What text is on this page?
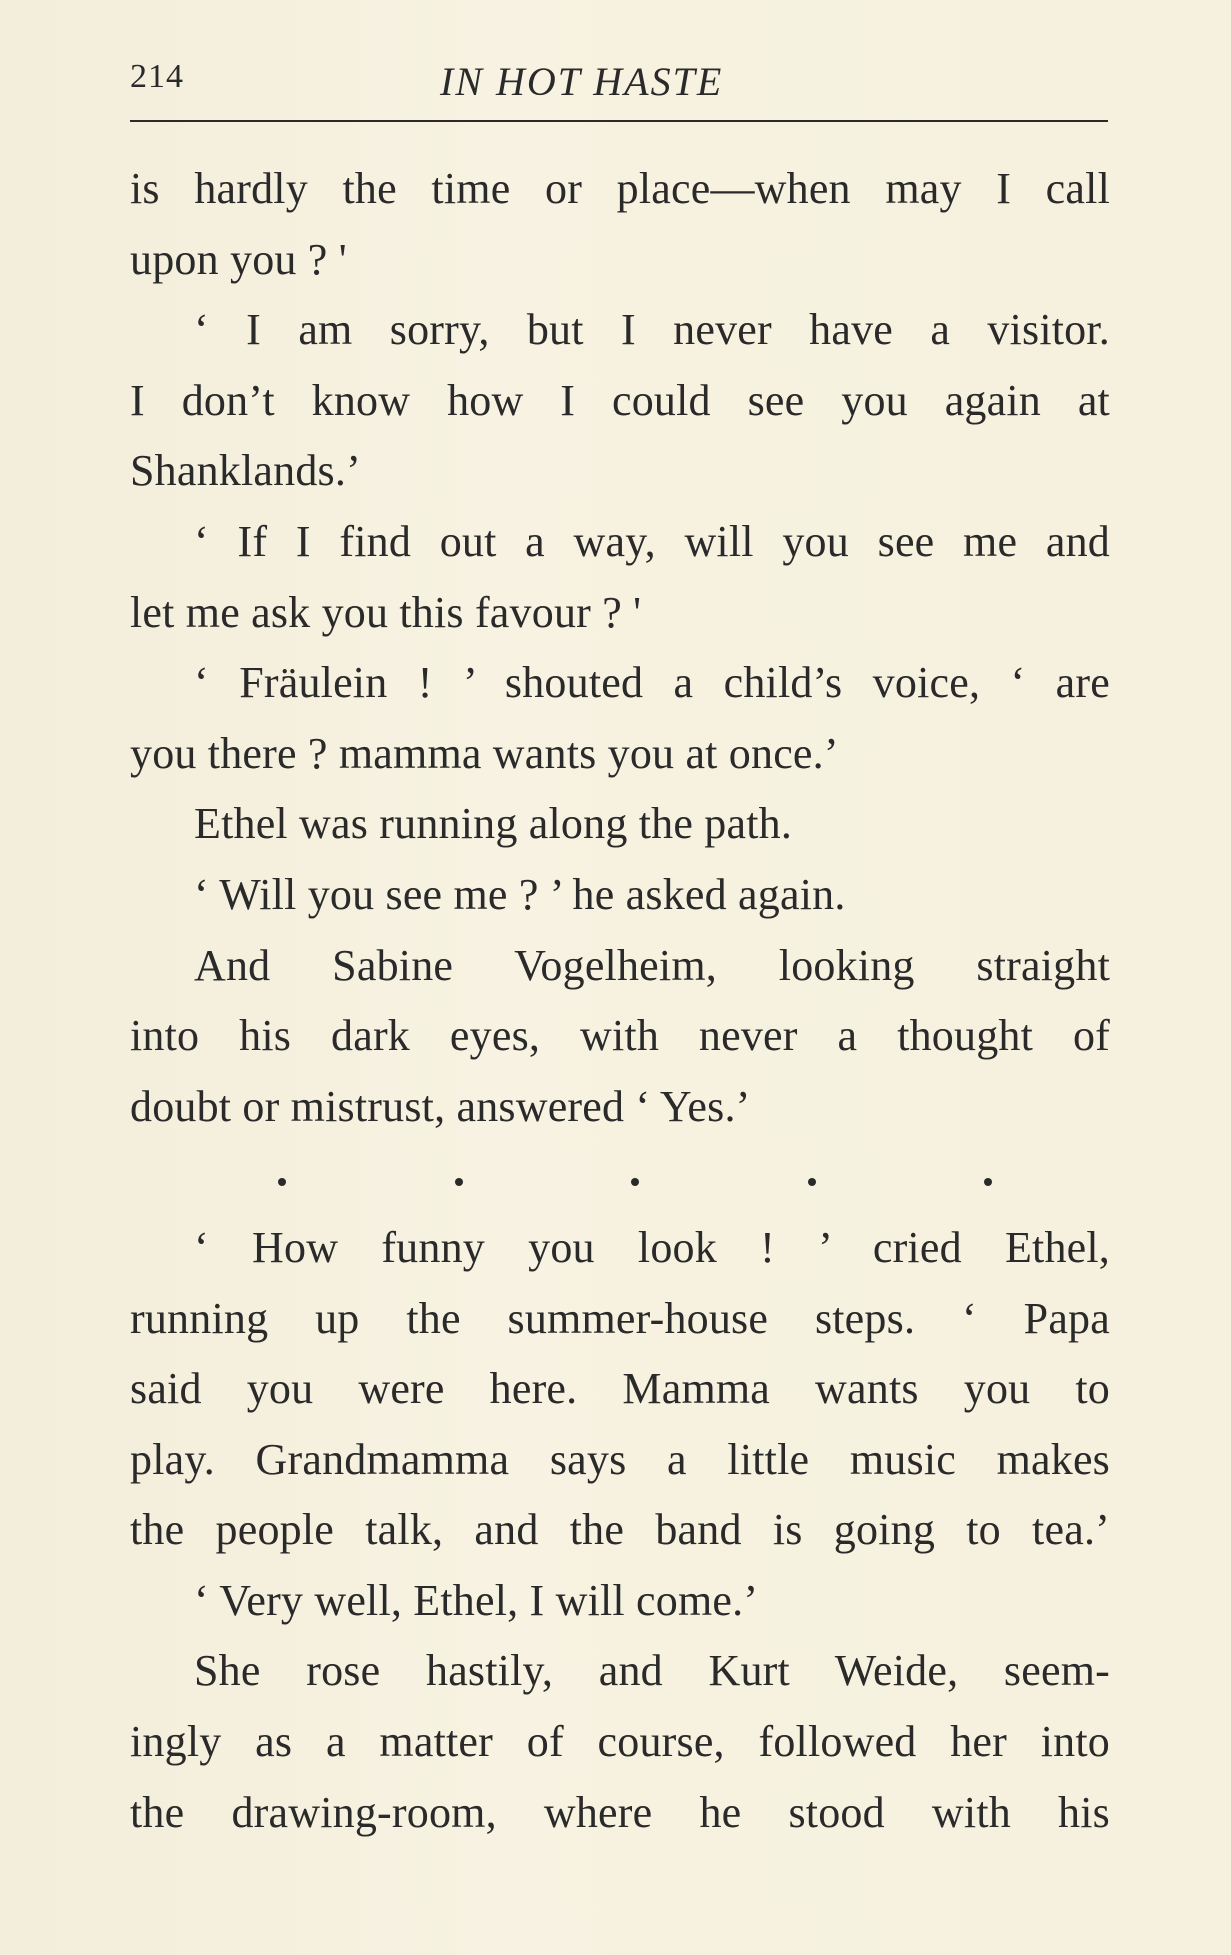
214	IN HOT HASTE
is hardly the time or place—when may I call
upon you ? '
‘ I am sorry, but I never have a visitor.
I don’t know how I could see you again at
Shanklands.’
‘ If I find out a way, will you see me and
let me ask you this favour ? '
‘ Fräulein ! ’ shouted a child’s voice, ‘ are
you there ? mamma wants you at once.’
Ethel was running along the path.
‘ Will you see me ? ’ he asked again.
And Sabine Vogelheim, looking straight
into his dark eyes, with never a thought of
doubt or mistrust, answered ‘ Yes.’
‘ How funny you look ! ’ cried Ethel,
running up the summer-house steps. ‘ Papa
said you were here. Mamma wants you to
play. Grandmamma says a little music makes
the people talk, and the band is going to tea.’
‘ Very well, Ethel, I will come.’
She rose hastily, and Kurt Weide, seem-
ingly as a matter of course, followed her into
the drawing-room, where he stood with his
